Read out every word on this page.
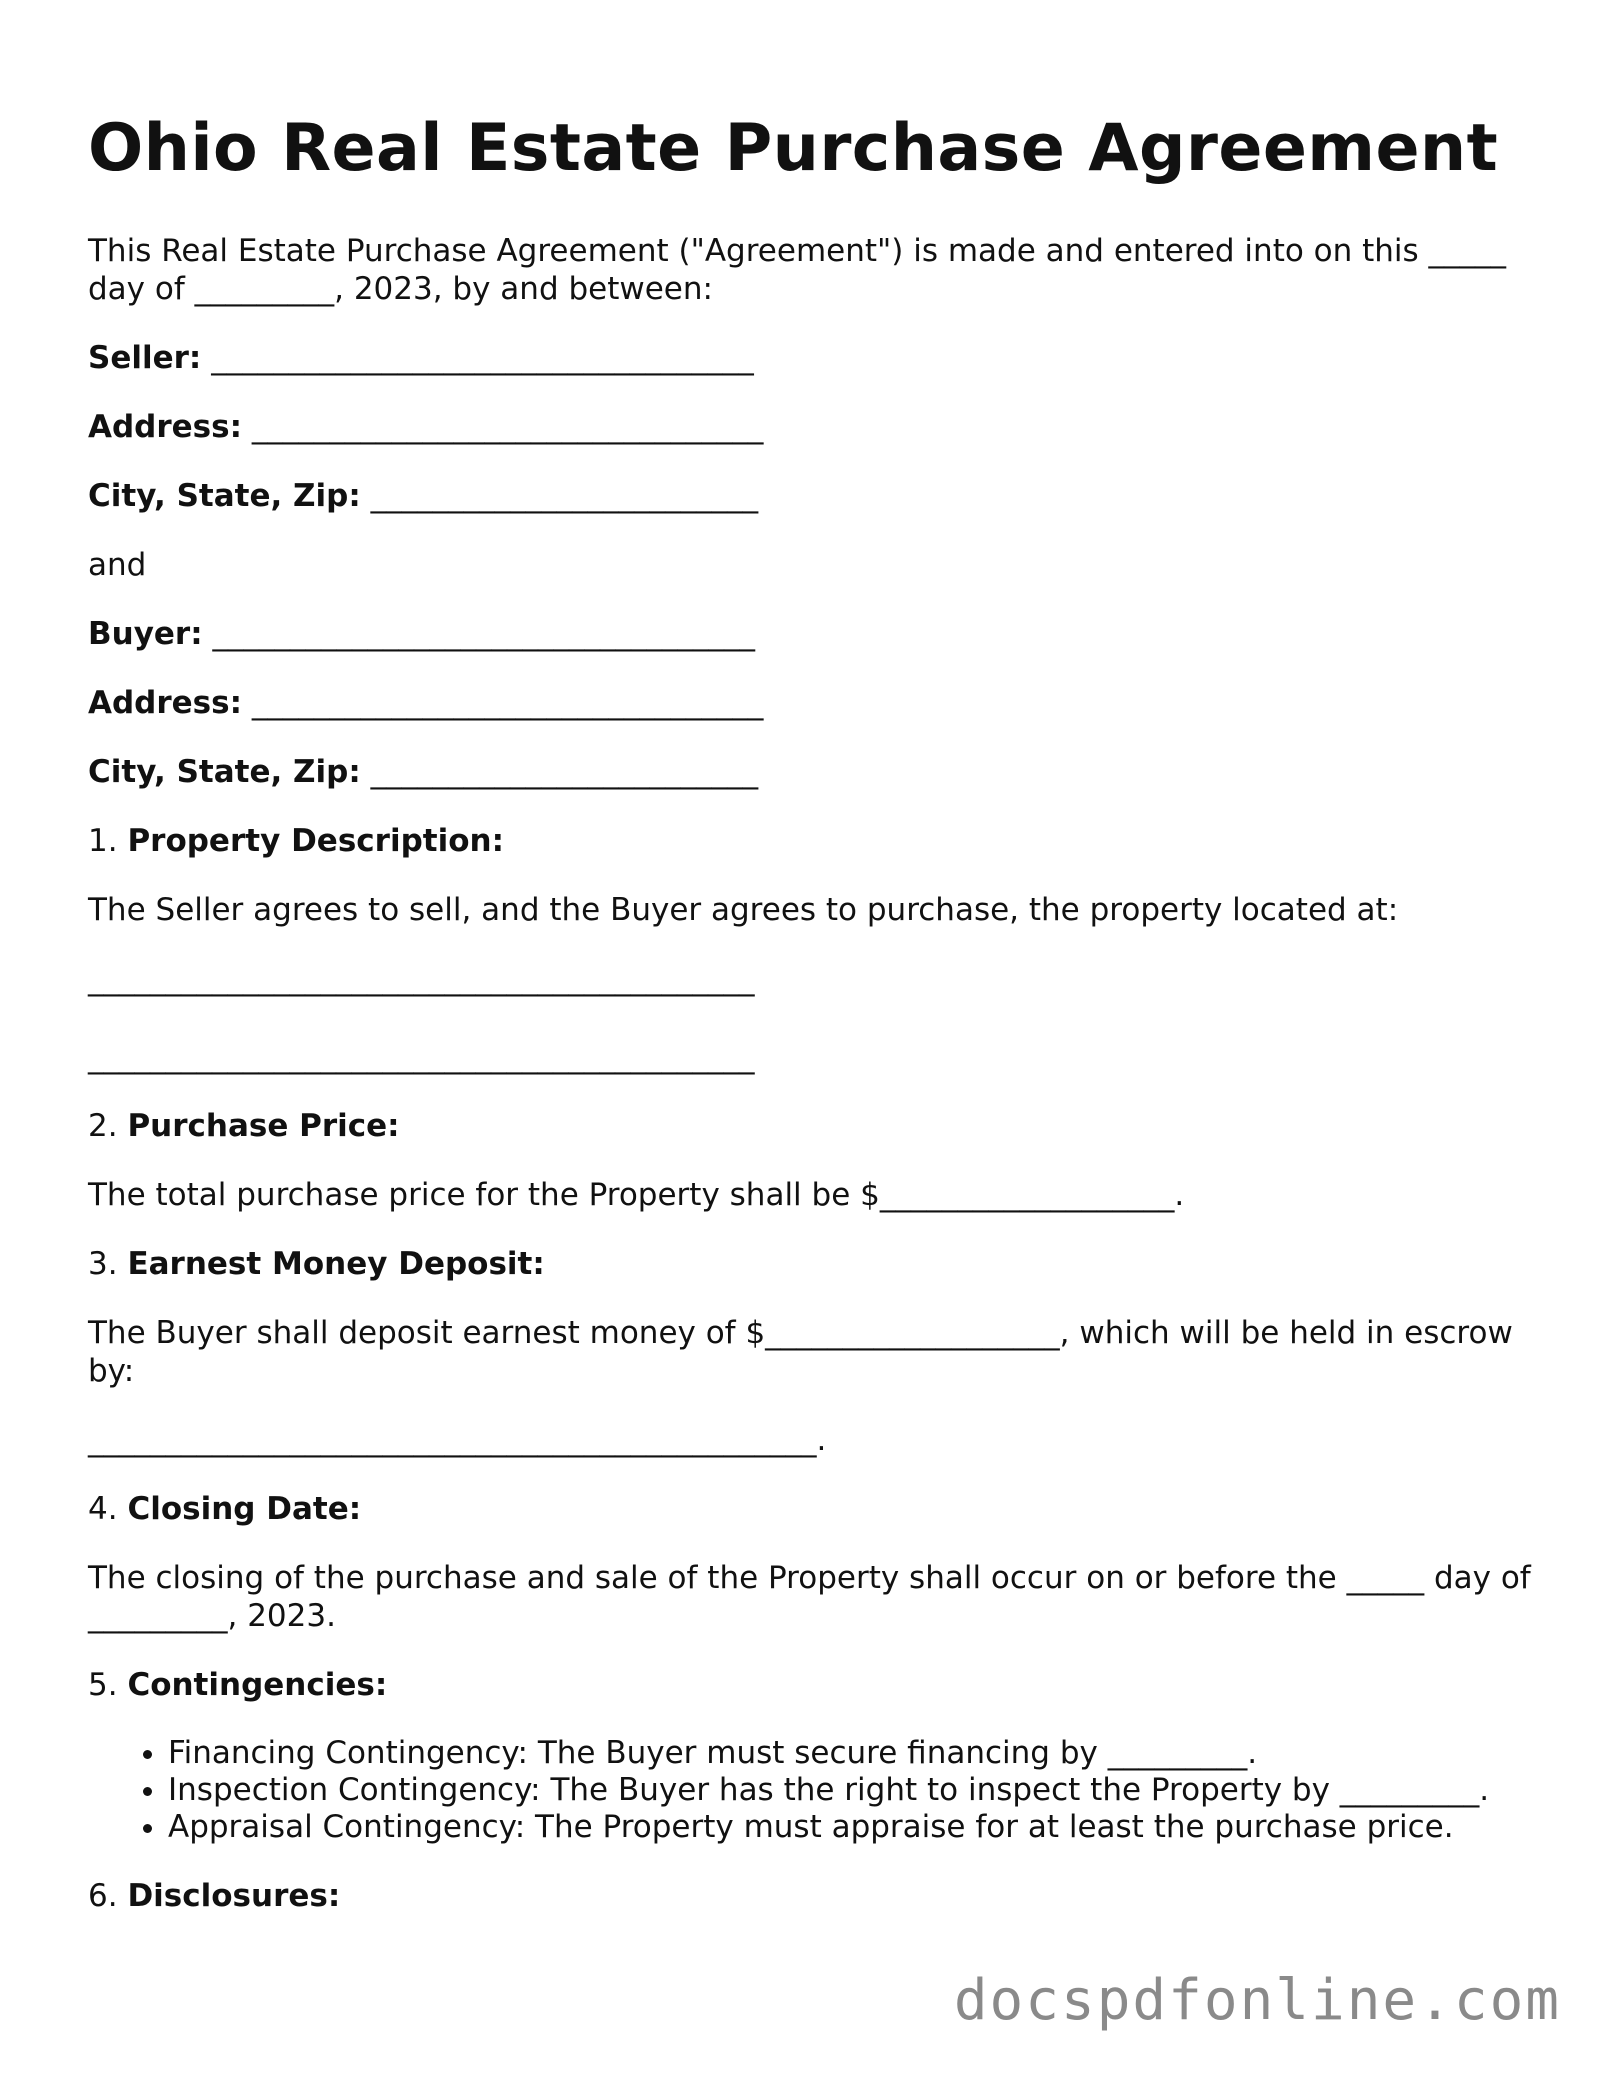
Ohio Real Estate Purchase Agreement

This Real Estate Purchase Agreement ("Agreement") is made and entered into on this _____ day of _________, 2023, by and between:

Seller: ___________________________________

Address: _________________________________

City, State, Zip: _________________________

and

Buyer: ___________________________________

Address: _________________________________

City, State, Zip: _________________________

1. Property Description:

The Seller agrees to sell, and the Buyer agrees to purchase, the property located at:

___________________________________________

___________________________________________

2. Purchase Price:

The total purchase price for the Property shall be $___________________.

3. Earnest Money Deposit:

The Buyer shall deposit earnest money of $___________________, which will be held in escrow by:

_______________________________________________.

4. Closing Date:

The closing of the purchase and sale of the Property shall occur on or before the _____ day of _________, 2023.

5. Contingencies:

• Financing Contingency: The Buyer must secure financing by _________.
• Inspection Contingency: The Buyer has the right to inspect the Property by _________.
• Appraisal Contingency: The Property must appraise for at least the purchase price.

6. Disclosures:

docspdfonline.com
